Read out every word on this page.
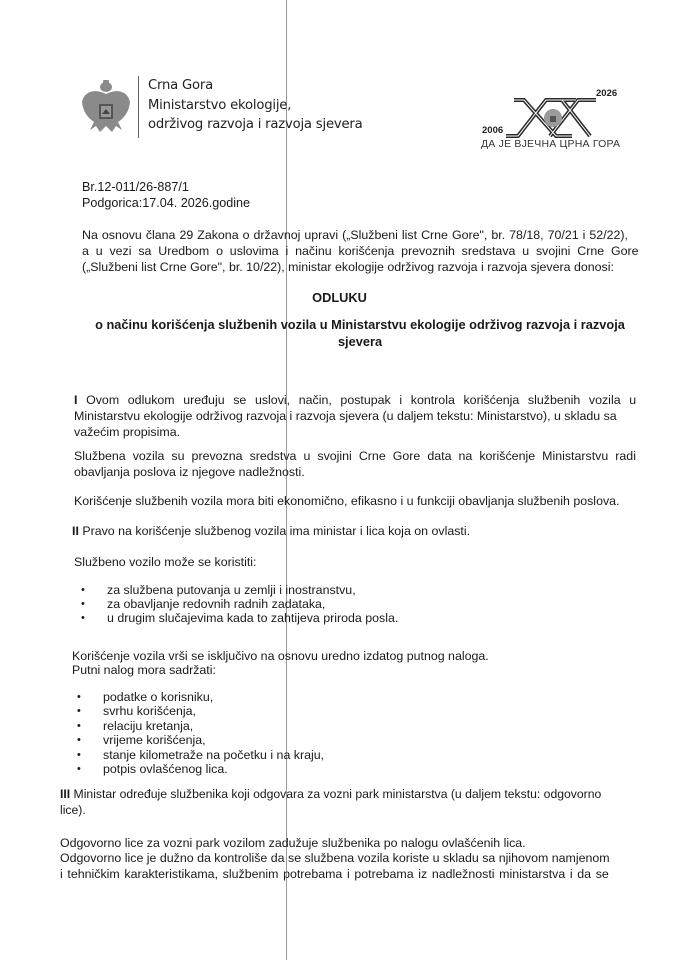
Crna Gora
Ministarstvo ekologije,
održivog razvoja i razvoja sjevera
2026
2006
ДА ЈЕ ВЈЕЧНА ЦРНА ГОРА
Br.12-011/26-887/1
Podgorica:17.04. 2026.godine
Na osnovu člana 29 Zakona o državnoj upravi („Službeni list Crne Gore", br. 78/18, 70/21 i 52/22),
a u vezi sa Uredbom o uslovima i načinu korišćenja prevoznih sredstava u svojini Crne Gore
(„Službeni list Crne Gore", br. 10/22), ministar ekologije održivog razvoja i razvoja sjevera donosi:
ODLUKU
o načinu korišćenja službenih vozila u Ministarstvu ekologije održivog razvoja i razvoja
sjevera
I Ovom odlukom uređuju se uslovi, način, postupak i kontrola korišćenja službenih vozila u
Ministarstvu ekologije održivog razvoja i razvoja sjevera (u daljem tekstu: Ministarstvo), u skladu sa
važećim propisima.
Službena vozila su prevozna sredstva u svojini Crne Gore data na korišćenje Ministarstvu radi
obavljanja poslova iz njegove nadležnosti.
Korišćenje službenih vozila mora biti ekonomično, efikasno i u funkciji obavljanja službenih poslova.
II Pravo na korišćenje službenog vozila ima ministar i lica koja on ovlasti.
Službeno vozilo može se koristiti:
• za službena putovanja u zemlji i inostranstvu,
• za obavljanje redovnih radnih zadataka,
• u drugim slučajevima kada to zahtijeva priroda posla.
Korišćenje vozila vrši se isključivo na osnovu uredno izdatog putnog naloga.
Putni nalog mora sadržati:
• podatke o korisniku,
• svrhu korišćenja,
• relaciju kretanja,
• vrijeme korišćenja,
• stanje kilometraže na početku i na kraju,
• potpis ovlašćenog lica.
III Ministar određuje službenika koji odgovara za vozni park ministarstva (u daljem tekstu: odgovorno
lice).
Odgovorno lice za vozni park vozilom zadužuje službenika po nalogu ovlašćenih lica.
Odgovorno lice je dužno da kontroliše da se službena vozila koriste u skladu sa njihovom namjenom
i tehničkim karakteristikama, službenim potrebama i potrebama iz nadležnosti ministarstva i da se
